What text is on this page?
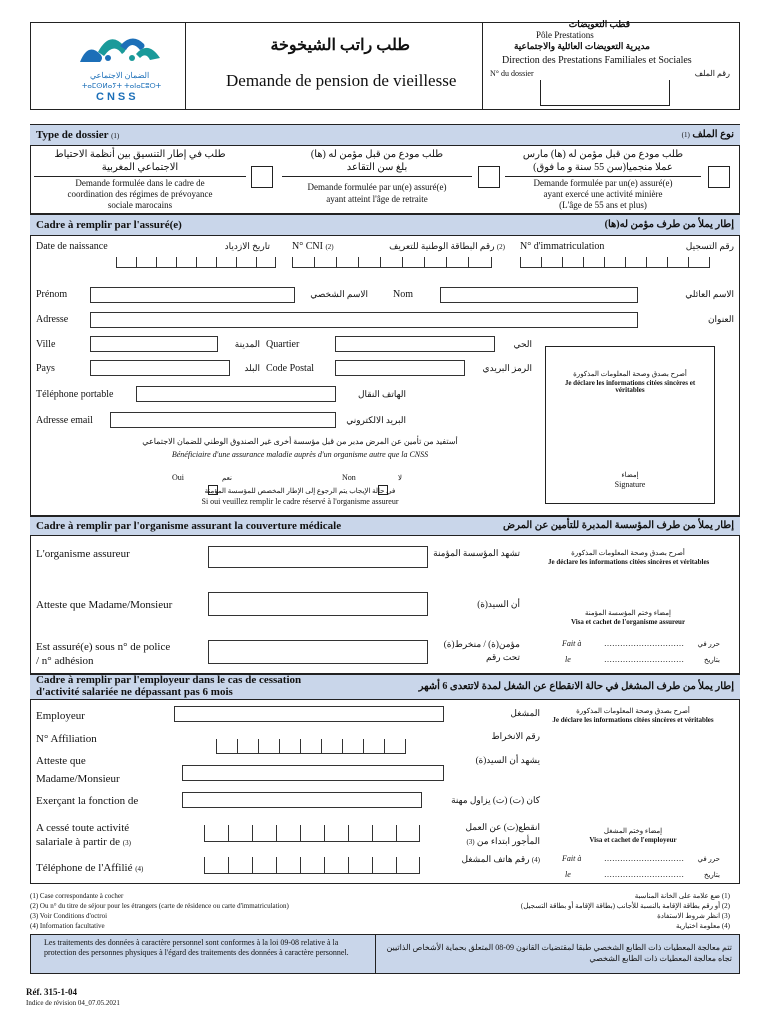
الضمان الاجتماعي
ⵜⴰⵎⵙⵍⴰⵢⵜ ⵜⴰⵏⴰⵎⵓⵔⵜ
CNSS
طلب راتب الشيخوخة
Demande de pension de vieillesse
قطب التعويضات
Pôle Prestations
مديرية التعويضات العائلية والاجتماعية
Direction des Prestations Familiales et Sociales
N° du dossier	رقم الملف
Type de dossier (1)	نوع الملف (1)
طلب في إطار التنسيق بين أنظمة الاحتياط
الاجتماعي المغربية
Demande formulée dans le cadre de
coordination des régimes de prévoyance
sociale marocains
طلب مودع من قبل مؤمن له (ها)
بلغ سن التقاعد
Demande formulée par un(e) assuré(e)
ayant atteint l'âge de retraite
طلب مودع من قبل مؤمن له (ها) مارس
عملا منجميا(سن 55 سنة و ما فوق)
Demande formulée par un(e) assuré(e)
ayant exercé une activité minière
(L'âge de 55 ans et plus)
Cadre à remplir par l'assuré(e)	إطار يملأ من طرف مؤمن له(ها)
Date de naissance	تاريخ الازدياد N° CNI (2)	(2) رقم البطاقة الوطنية للتعريف	N° d'immatriculation	رقم التسجيل
Prénom	الاسم الشخصي	Nom	الاسم العائلي
Adresse	العنوان
Ville	المدينة Quartier	الحي
Pays	البلد Code Postal	الرمز البريدي
Téléphone portable	الهاتف النقال
Adresse email	البريد الالكتروني
أستفيد من تأمين عن المرض مدبر من قبل مؤسسة أخرى غير الصندوق الوطني للضمان الاجتماعي
Bénéficiaire d'une assurance maladie auprès d'un organisme autre que la CNSS
Oui	نعم	Non	لا
في حالة الإيجاب يتم الرجوع إلى الإطار المخصص للمؤسسة المؤمنة
Si oui veuillez remplir le cadre réservé à l'organisme assureur
أصرح بصدق وصحة المعلومات المذكورة
Je déclare les informations citées sincères et véritables
إمضاء
Signature
Cadre à remplir par l'organisme assurant la couverture médicale	إطار يملأ من طرف المؤسسة المدبرة للتأمين عن المرض
L'organisme assureur	تشهد المؤسسة المؤمنة
Atteste que Madame/Monsieur	أن السيد(ة)
Est assuré(e) sous n° de police
/ n° adhésion
مؤمن(ة) / منخرط(ة)
تحت رقم
أصرح بصدق وصحة المعلومات المذكورة
Je déclare les informations citées sincères et véritables
إمضاء وختم المؤسسة المؤمنة
Visa et cachet de l'organisme assureur
Fait à	…………………………	حرر في
le	…………………………	بتاريخ
Cadre à remplir par l'employeur dans le cas de cessation
d'activité salariée ne dépassant pas 6 mois	إطار يملأ من طرف المشغل في حالة الانقطاع عن الشغل لمدة لاتتعدى 6 أشهر
Employeur	المشغل
N° Affiliation	رقم الانخراط
Atteste que
Madame/Monsieur
يشهد أن السيد(ة)
Exerçant la fonction de	كان (ت) (ت) يزاول مهنة
A cessé toute activité
salariale à partir de (3)
انقطع(ت) عن العمل
المأجور ابتداء من (3)
Téléphone de l'Affilié (4)
(4) رقم هاتف المشغل
أصرح بصدق وصحة المعلومات المذكورة
Je déclare les informations citées sincères et véritables
إمضاء وختم المشغل
Visa et cachet de l'employeur
Fait à	…………………………	حرر في
le	…………………………	بتاريخ
(1) Case correspondante à cocher
(2) Ou n° du titre de séjour pour les étrangers (carte de résidence ou carte d'immatriculation)
(3) Voir Conditions d'octroi
(4) Information facultative
(1) ضع علامة على الخانة المناسبة
(2) أو رقم بطاقة الإقامة بالنسبة للأجانب (بطاقة الإقامة أو بطاقة التسجيل)
(3) انظر شروط الاستفادة
(4) معلومة اختيارية
Les traitements des données à caractère personnel sont conformes à la loi 09-08 relative à la protection des personnes physiques à l'égard des traitements des données à caractère personnel.
تتم معالجة المعطيات ذات الطابع الشخصي طبقا لمقتضيات القانون 09-08 المتعلق بحماية الأشخاص الذاتيين تجاه معالجة المعطيات ذات الطابع الشخصي
Réf. 315-1-04
Indice de révision 04_07.05.2021
